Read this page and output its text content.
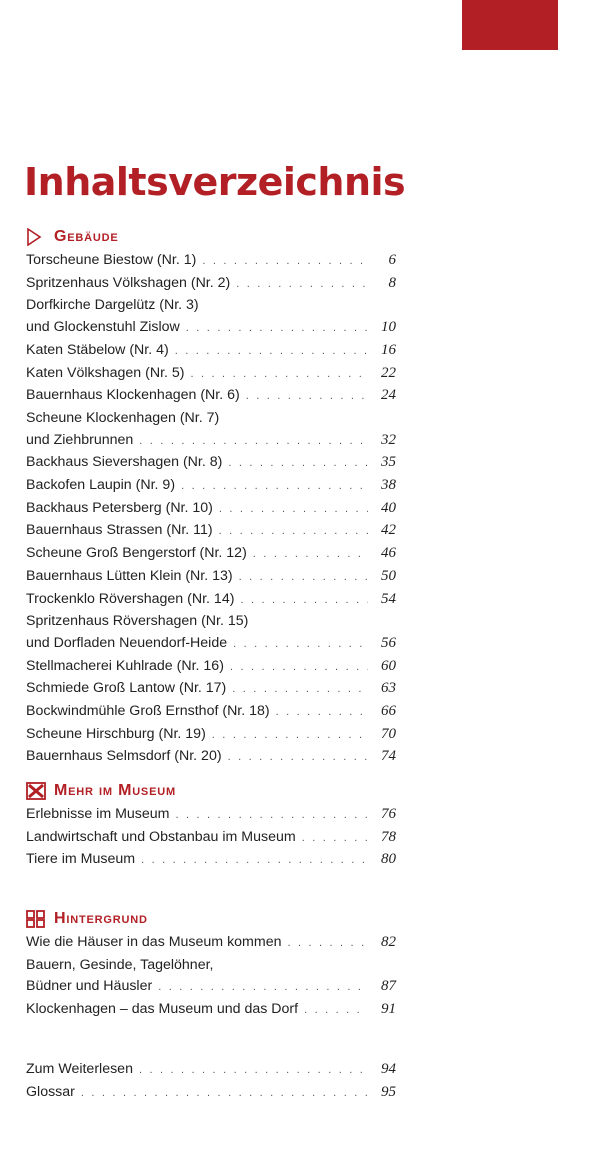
Inhaltsverzeichnis
Gebäude
Torscheune Biestow (Nr. 1) . . .	6
Spritzenhaus Völkshagen (Nr. 2) . . .	8
Dorfkirche Dargelütz (Nr. 3)
und Glockenstuhl Zislow . . .	10
Katen Stäbelow (Nr. 4) . . .	16
Katen Völkshagen (Nr. 5) . . .	22
Bauernhaus Klockenhagen (Nr. 6) . . .	24
Scheune Klockenhagen (Nr. 7)
und Ziehbrunnen . . .	32
Backhaus Sievershagen (Nr. 8) . . .	35
Backofen Laupin (Nr. 9) . . .	38
Backhaus Petersberg (Nr. 10) . . .	40
Bauernhaus Strassen (Nr. 11) . . .	42
Scheune Groß Bengerstorf (Nr. 12) . . .	46
Bauernhaus Lütten Klein (Nr. 13) . . .	50
Trockenklo Rövershagen (Nr. 14) . . .	54
Spritzenhaus Rövershagen (Nr. 15)
und Dorfladen Neuendorf-Heide . . .	56
Stellmacherei Kuhlrade (Nr. 16) . . .	60
Schmiede Groß Lantow (Nr. 17) . . .	63
Bockwindmühle Groß Ernsthof (Nr. 18) . . .	66
Scheune Hirschburg (Nr. 19) . . .	70
Bauernhaus Selmsdorf (Nr. 20) . . .	74
Mehr im Museum
Erlebnisse im Museum . . .	76
Landwirtschaft und Obstanbau im Museum . . .	78
Tiere im Museum . . .	80
Hintergrund
Wie die Häuser in das Museum kommen . . .	82
Bauern, Gesinde, Tagelöhner,
Büdner und Häusler . . .	87
Klockenhagen – das Museum und das Dorf . . .	91
Zum Weiterlesen . . .	94
Glossar . . .	95
